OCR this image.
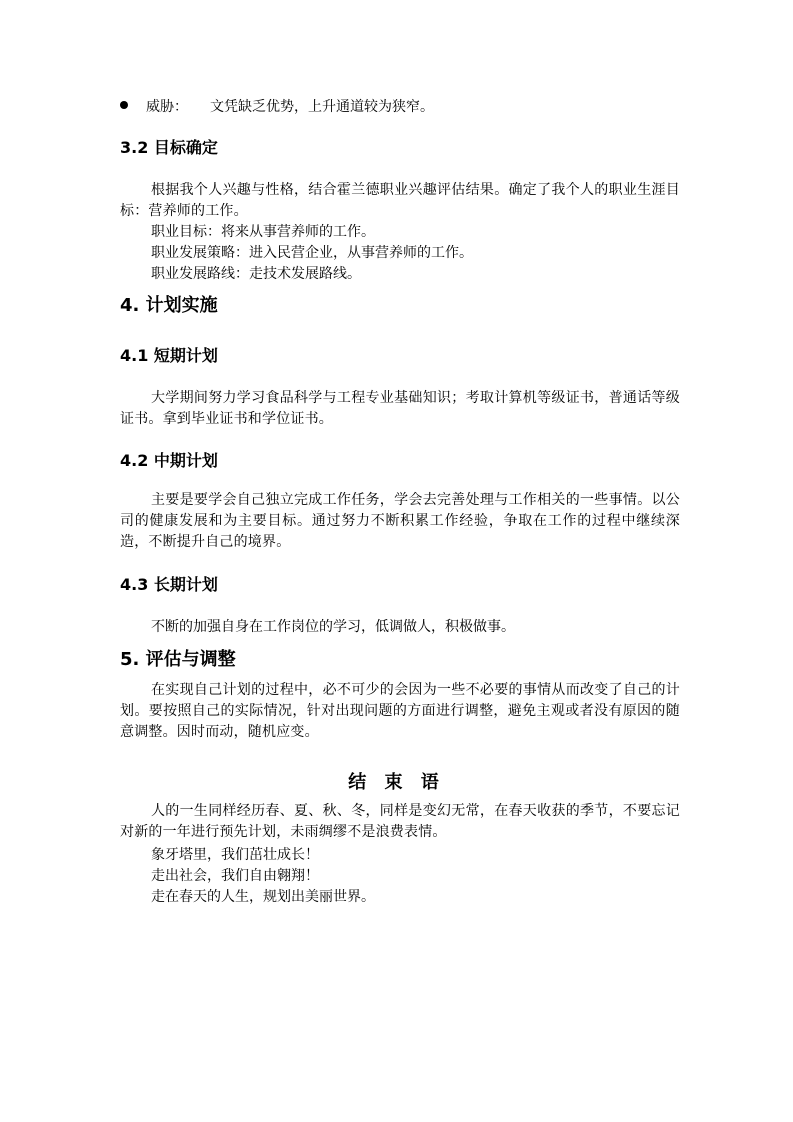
威胁： 文凭缺乏优势，上升通道较为狭窄。
3.2 目标确定
根据我个人兴趣与性格，结合霍兰德职业兴趣评估结果。确定了我个人的职业生涯目标：营养师的工作。
职业目标：将来从事营养师的工作。
职业发展策略：进入民营企业，从事营养师的工作。
职业发展路线：走技术发展路线。
4. 计划实施
4.1 短期计划
大学期间努力学习食品科学与工程专业基础知识；考取计算机等级证书，普通话等级证书。拿到毕业证书和学位证书。
4.2 中期计划
主要是要学会自己独立完成工作任务，学会去完善处理与工作相关的一些事情。以公司的健康发展和为主要目标。通过努力不断积累工作经验，争取在工作的过程中继续深造，不断提升自己的境界。
4.3 长期计划
不断的加强自身在工作岗位的学习，低调做人，积极做事。
5. 评估与调整
在实现自己计划的过程中，必不可少的会因为一些不必要的事情从而改变了自己的计划。要按照自己的实际情况，针对出现问题的方面进行调整，避免主观或者没有原因的随意调整。因时而动，随机应变。
结 束 语
人的一生同样经历春、夏、秋、冬，同样是变幻无常，在春天收获的季节，不要忘记对新的一年进行预先计划，未雨绸缪不是浪费表情。
象牙塔里，我们茁壮成长！
走出社会，我们自由翱翔！
走在春天的人生，规划出美丽世界。
